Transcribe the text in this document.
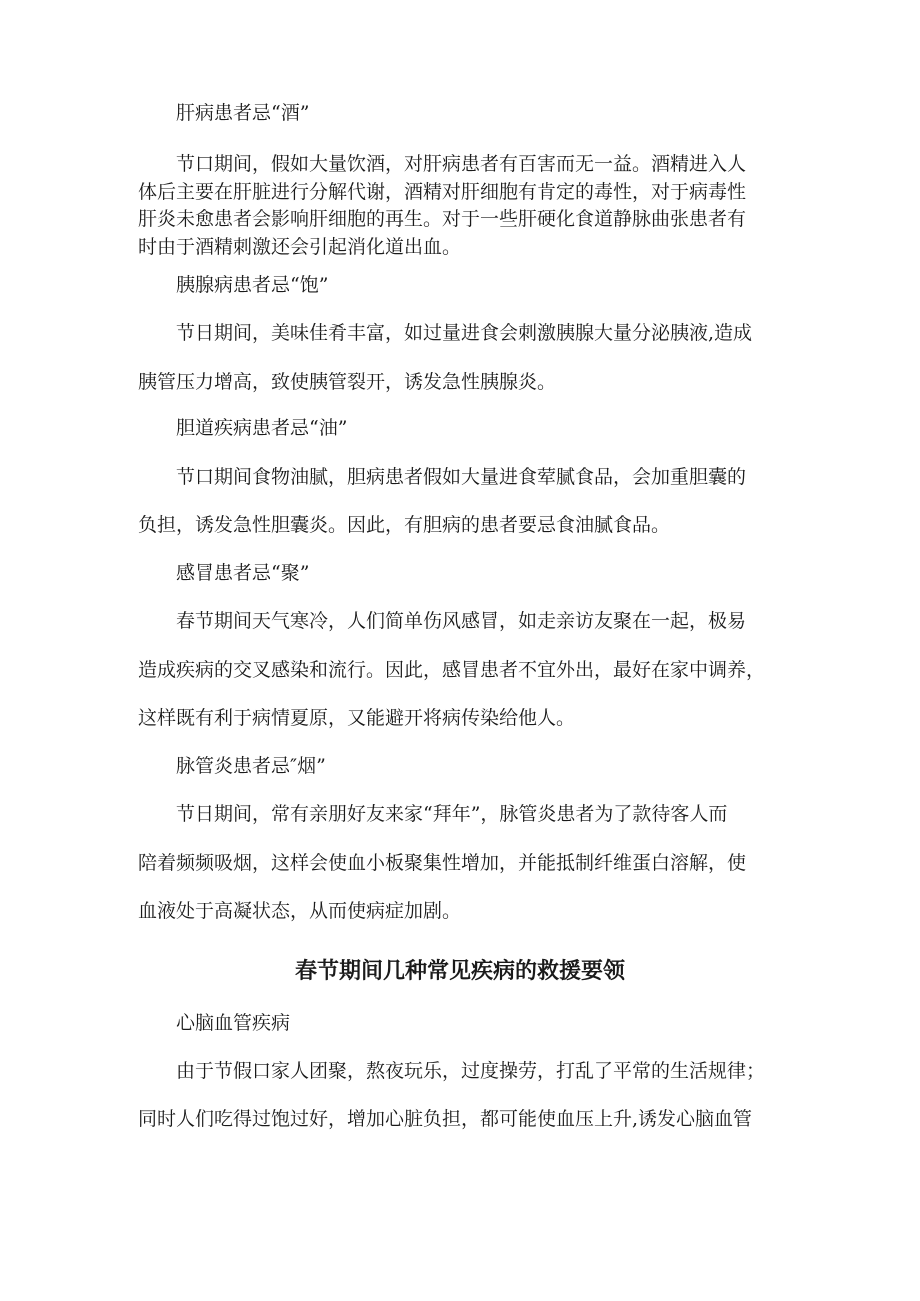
肝病患者忌“酒”

节口期间，假如大量饮酒，对肝病患者有百害而无一益。酒精进入人

体后主要在肝脏进行分解代谢，酒精对肝细胞有肯定的毒性，对于病毒性

肝炎未愈患者会影响肝细胞的再生。对于一些肝硬化食道静脉曲张患者有

时由于酒精刺激还会引起消化道出血。

胰腺病患者忌“饱”

节日期间，美味佳肴丰富，如过量进食会刺激胰腺大量分泌胰液,造成

胰管压力增高，致使胰管裂开，诱发急性胰腺炎。

胆道疾病患者忌“油”

节口期间食物油腻，胆病患者假如大量进食荤腻食品，会加重胆囊的

负担，诱发急性胆囊炎。因此，有胆病的患者要忌食油腻食品。

感冒患者忌“聚”

春节期间天气寒冷，人们简单伤风感冒，如走亲访友聚在一起，极易

造成疾病的交叉感染和流行。因此，感冒患者不宜外出，最好在家中调养，

这样既有利于病情夏原，又能避开将病传染给他人。

脉管炎患者忌″烟”

节日期间，常有亲朋好友来家“拜年”，脉管炎患者为了款待客人而

陪着频频吸烟，这样会使血小板聚集性增加，并能抵制纤维蛋白溶解，使

血液处于高凝状态，从而使病症加剧。

春节期间几种常见疾病的救援要领

心脑血管疾病

由于节假口家人团聚，熬夜玩乐，过度操劳，打乱了平常的生活规律；

同时人们吃得过饱过好，增加心脏负担，都可能使血压上升,诱发心脑血管
